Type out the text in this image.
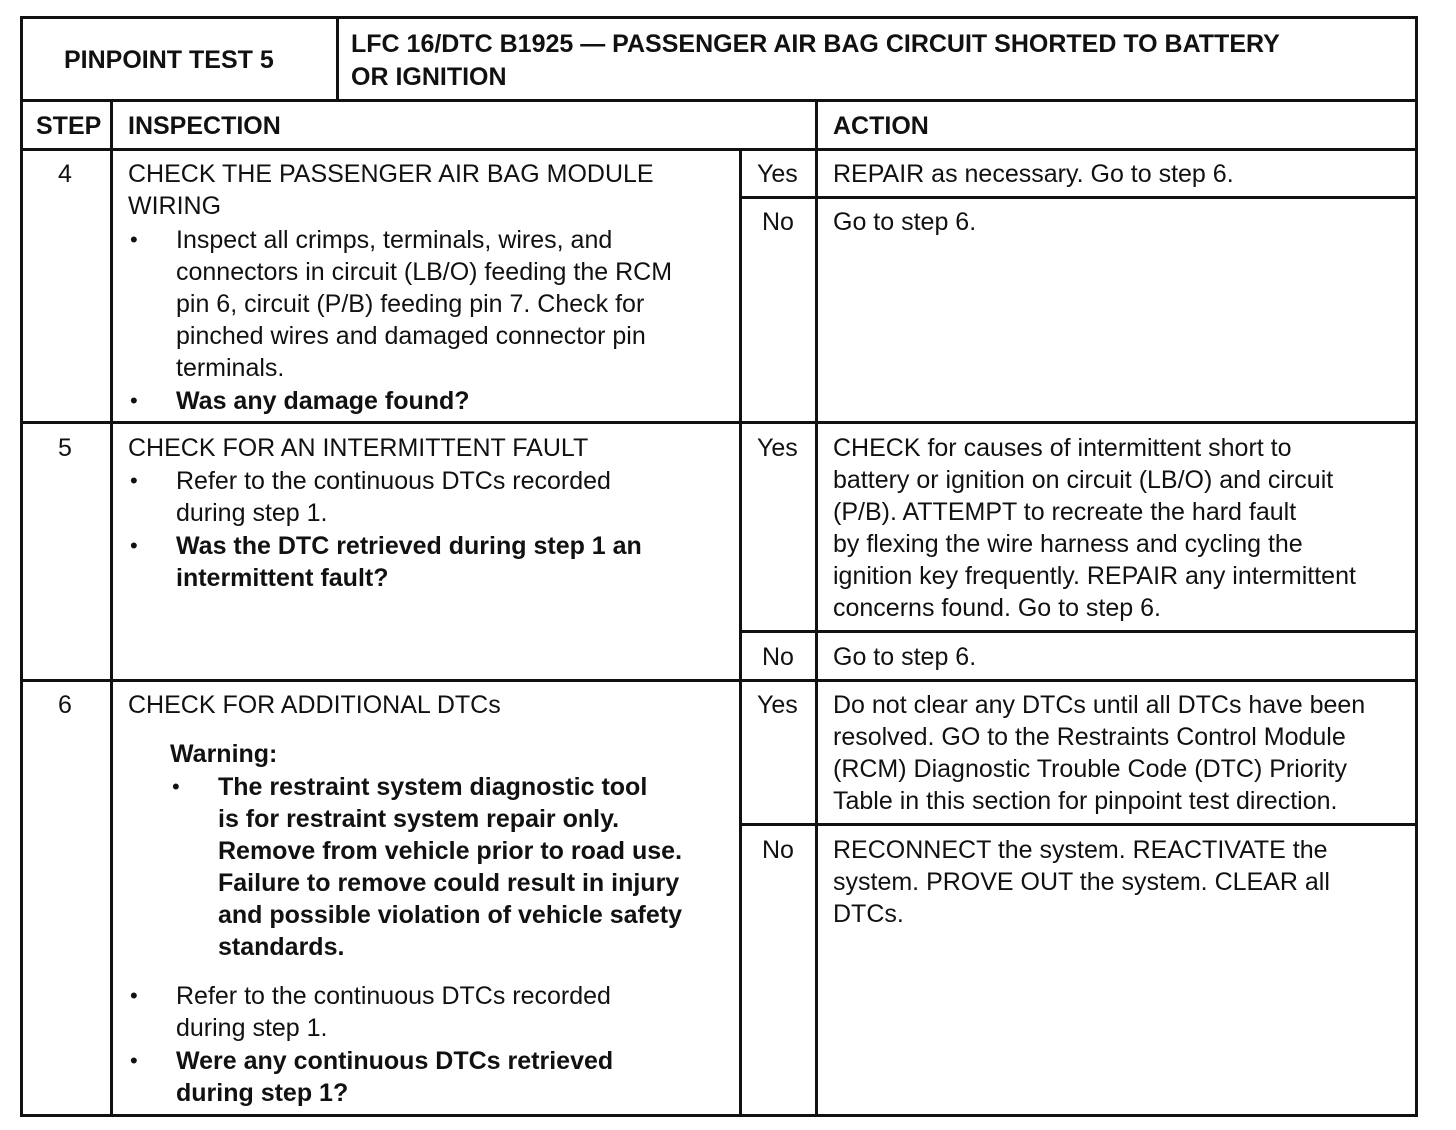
PINPOINT TEST 5
LFC 16/DTC B1925 — PASSENGER AIR BAG CIRCUIT SHORTED TO BATTERY
OR IGNITION
STEP INSPECTION	ACTION
4 CHECK THE PASSENGER AIR BAG MODULE
WIRING
• Inspect all crimps, terminals, wires, and
connectors in circuit (LB/O) feeding the RCM
pin 6, circuit (P/B) feeding pin 7. Check for
pinched wires and damaged connector pin
terminals.
• Was any damage found?
Yes REPAIR as necessary. Go to step 6.
No Go to step 6.
5 CHECK FOR AN INTERMITTENT FAULT
• Refer to the continuous DTCs recorded
during step 1.
• Was the DTC retrieved during step 1 an
intermittent fault?
Yes CHECK for causes of intermittent short to
battery or ignition on circuit (LB/O) and circuit
(P/B). ATTEMPT to recreate the hard fault
by flexing the wire harness and cycling the
ignition key frequently. REPAIR any intermittent
concerns found. Go to step 6.
No Go to step 6.
6 CHECK FOR ADDITIONAL DTCs
Warning:
• The restraint system diagnostic tool
is for restraint system repair only.
Remove from vehicle prior to road use.
Failure to remove could result in injury
and possible violation of vehicle safety
standards.
• Refer to the continuous DTCs recorded
during step 1.
• Were any continuous DTCs retrieved
during step 1?
Yes Do not clear any DTCs until all DTCs have been
resolved. GO to the Restraints Control Module
(RCM) Diagnostic Trouble Code (DTC) Priority
Table in this section for pinpoint test direction.
No RECONNECT the system. REACTIVATE the
system. PROVE OUT the system. CLEAR all
DTCs.
